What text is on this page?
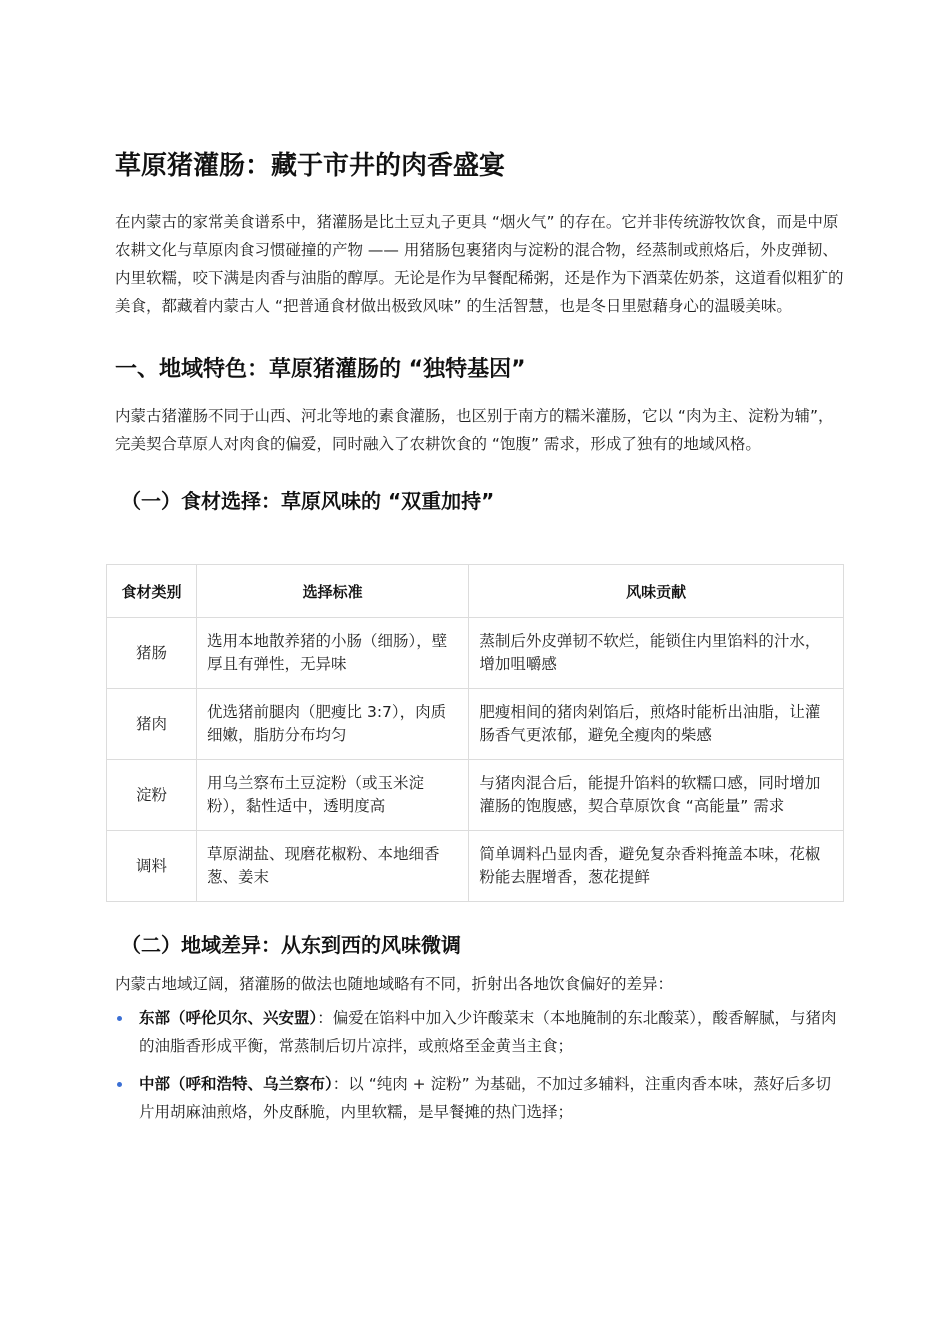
草原猪灌肠：藏于市井的肉香盛宴

在内蒙古的家常美食谱系中，猪灌肠是比土豆丸子更具 “烟火气” 的存在。它并非传统游牧饮食，而是中原农耕文化与草原肉食习惯碰撞的产物 —— 用猪肠包裹猪肉与淀粉的混合物，经蒸制或煎烙后，外皮弹韧、内里软糯，咬下满是肉香与油脂的醇厚。无论是作为早餐配稀粥，还是作为下酒菜佐奶茶，这道看似粗犷的美食，都藏着内蒙古人 “把普通食材做出极致风味” 的生活智慧，也是冬日里慰藉身心的温暖美味。

一、地域特色：草原猪灌肠的 “独特基因”

内蒙古猪灌肠不同于山西、河北等地的素食灌肠，也区别于南方的糯米灌肠，它以 “肉为主、淀粉为辅”，完美契合草原人对肉食的偏爱，同时融入了农耕饮食的 “饱腹” 需求，形成了独有的地域风格。

（一）食材选择：草原风味的 “双重加持”
食材类别	选择标准	风味贡献
猪肠	选用本地散养猪的小肠（细肠），壁厚且有弹性，无异味	蒸制后外皮弹韧不软烂，能锁住内里馅料的汁水，增加咀嚼感
猪肉	优选猪前腿肉（肥瘦比 3:7），肉质细嫩，脂肪分布均匀	肥瘦相间的猪肉剁馅后，煎烙时能析出油脂，让灌肠香气更浓郁，避免全瘦肉的柴感
淀粉	用乌兰察布土豆淀粉（或玉米淀粉），黏性适中，透明度高	与猪肉混合后，能提升馅料的软糯口感，同时增加灌肠的饱腹感，契合草原饮食 “高能量” 需求
调料	草原湖盐、现磨花椒粉、本地细香葱、姜末	简单调料凸显肉香，避免复杂香料掩盖本味，花椒粉能去腥增香，葱花提鲜
（二）地域差异：从东到西的风味微调

内蒙古地域辽阔，猪灌肠的做法也随地域略有不同，折射出各地饮食偏好的差异：

东部（呼伦贝尔、兴安盟）：偏爱在馅料中加入少许酸菜末（本地腌制的东北酸菜），酸香解腻，与猪肉的油脂香形成平衡，常蒸制后切片凉拌，或煎烙至金黄当主食；
中部（呼和浩特、乌兰察布）：以 “纯肉 + 淀粉” 为基础，不加过多辅料，注重肉香本味，蒸好后多切片用胡麻油煎烙，外皮酥脆，内里软糯，是早餐摊的热门选择；
